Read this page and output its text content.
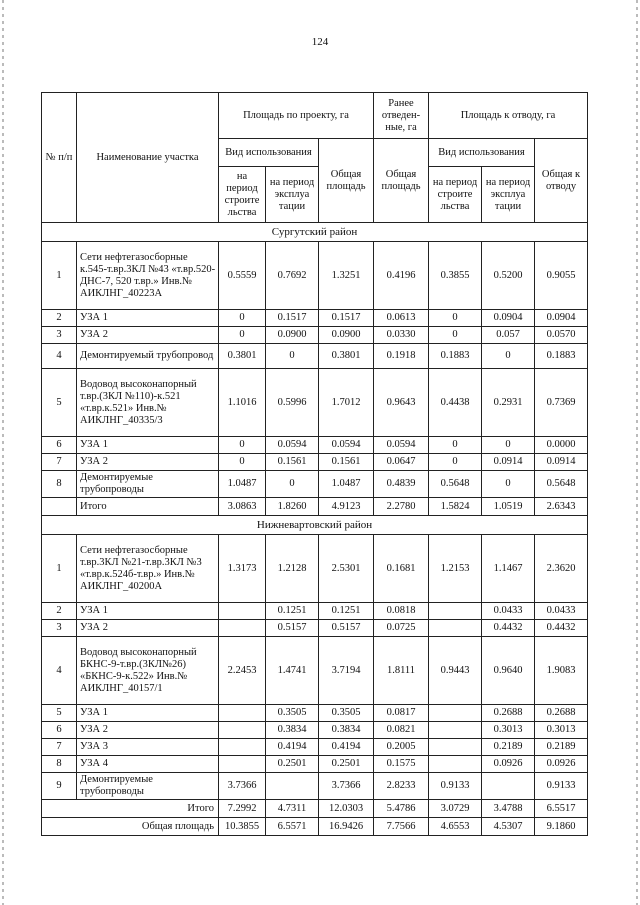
124
№ п/п	Наименование участка	Площадь по проекту, га			Ранее отведен-ные, га	Площадь к отводу, га		
		Вид использования		Общая площадь	Общая площадь	Вид использования		Общая к отводу
		на период строите льства	на период эксплуа тации			на период строите льства	на период эксплуа тации	
Сургутский район								
1	Сети нефтегазосборные к.545-т.вр.3КЛ №43 «т.вр.520-ДНС-7, 520 т.вр.» Инв.№ АИКЛНГ_40223А	0.5559	0.7692	1.3251	0.4196	0.3855	0.5200	0.9055
2	УЗА 1	0	0.1517	0.1517	0.0613	0	0.0904	0.0904
3	УЗА 2	0	0.0900	0.0900	0.0330	0	0.057	0.0570
4	Демонтируемый трубопровод	0.3801	0	0.3801	0.1918	0.1883	0	0.1883
5	Водовод высоконапорный т.вр.(3КЛ №110)-к.521 «т.вр.к.521» Инв.№ АИКЛНГ_40335/3	1.1016	0.5996	1.7012	0.9643	0.4438	0.2931	0.7369
6	УЗА 1	0	0.0594	0.0594	0.0594	0	0	0.0000
7	УЗА 2	0	0.1561	0.1561	0.0647	0	0.0914	0.0914
8	Демонтируемые трубопроводы	1.0487	0	1.0487	0.4839	0.5648	0	0.5648
	Итого	3.0863	1.8260	4.9123	2.2780	1.5824	1.0519	2.6343
Нижневартовский район								
1	Сети нефтегазосборные т.вр.3КЛ №21-т.вр.3КЛ №3 «т.вр.к.524б-т.вр.» Инв.№ АИКЛНГ_40200А	1.3173	1.2128	2.5301	0.1681	1.2153	1.1467	2.3620
2	УЗА 1		0.1251	0.1251	0.0818		0.0433	0.0433
3	УЗА 2		0.5157	0.5157	0.0725		0.4432	0.4432
4	Водовод высоконапорный БКНС-9-т.вр.(3КЛ№26) «БКНС-9-к.522» Инв.№ АИКЛНГ_40157/1	2.2453	1.4741	3.7194	1.8111	0.9443	0.9640	1.9083
5	УЗА 1		0.3505	0.3505	0.0817		0.2688	0.2688
6	УЗА 2		0.3834	0.3834	0.0821		0.3013	0.3013
7	УЗА 3		0.4194	0.4194	0.2005		0.2189	0.2189
8	УЗА 4		0.2501	0.2501	0.1575		0.0926	0.0926
9	Демонтируемые трубопроводы	3.7366		3.7366	2.8233	0.9133		0.9133
Итого		7.2992	4.7311	12.0303	5.4786	3.0729	3.4788	6.5517
Общая площадь		10.3855	6.5571	16.9426	7.7566	4.6553	4.5307	9.1860
